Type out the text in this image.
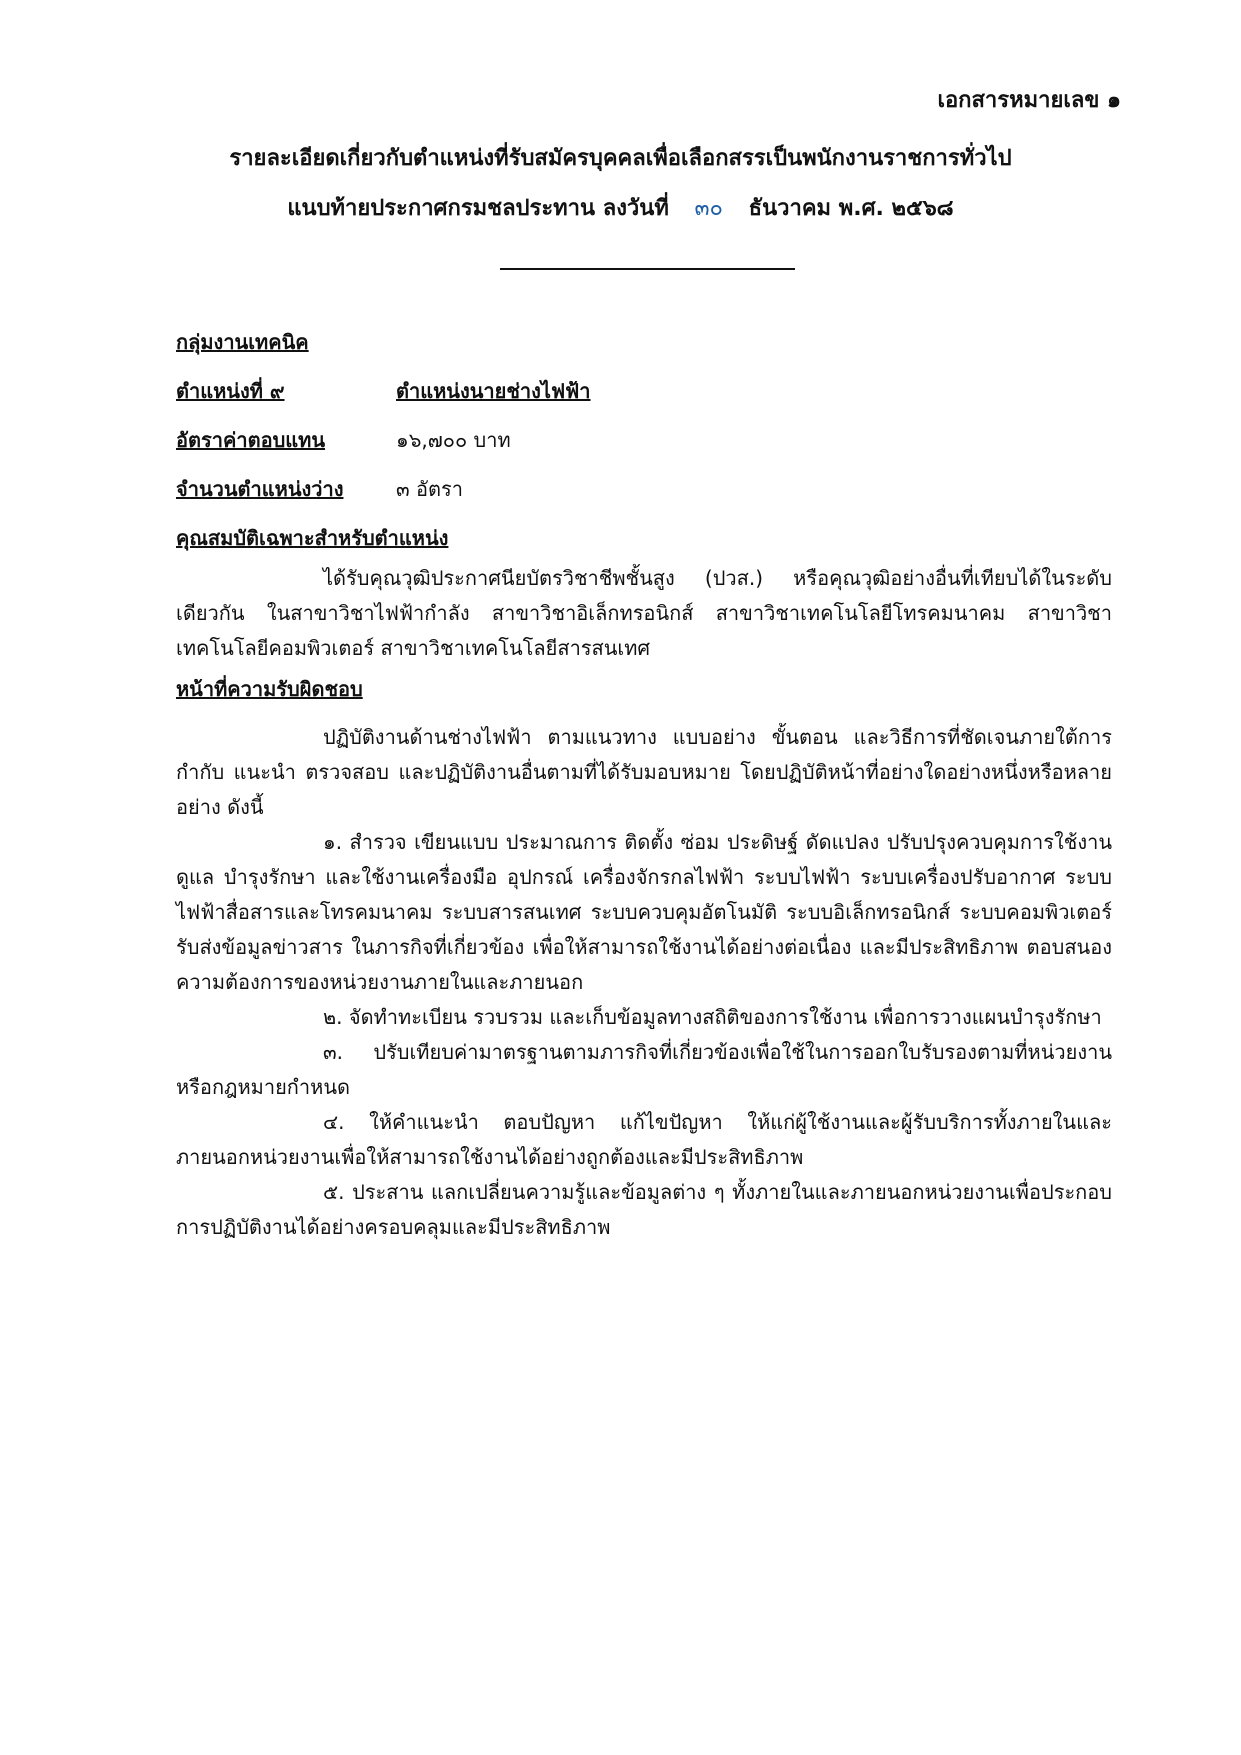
เอกสารหมายเลข ๑
รายละเอียดเกี่ยวกับตำแหน่งที่รับสมัครบุคคลเพื่อเลือกสรรเป็นพนักงานราชการทั่วไป
แนบท้ายประกาศกรมชลประทาน ลงวันที่ ๓๐ ธันวาคม พ.ศ. ๒๕๖๘
กลุ่มงานเทคนิค
ตำแหน่งที่ ๙	ตำแหน่งนายช่างไฟฟ้า
อัตราค่าตอบแทน	๑๖,๗๐๐ บาท
จำนวนตำแหน่งว่าง	๓ อัตรา
คุณสมบัติเฉพาะสำหรับตำแหน่ง

ได้รับคุณวุฒิประกาศนียบัตรวิชาชีพชั้นสูง (ปวส.) หรือคุณวุฒิอย่างอื่นที่เทียบได้ในระดับเดียวกัน ในสาขาวิชาไฟฟ้ากำลัง สาขาวิชาอิเล็กทรอนิกส์ สาขาวิชาเทคโนโลยีโทรคมนาคม สาขาวิชาเทคโนโลยีคอมพิวเตอร์ สาขาวิชาเทคโนโลยีสารสนเทศ

หน้าที่ความรับผิดชอบ

ปฏิบัติงานด้านช่างไฟฟ้า ตามแนวทาง แบบอย่าง ขั้นตอน และวิธีการที่ชัดเจนภายใต้การกำกับ แนะนำ ตรวจสอบ และปฏิบัติงานอื่นตามที่ได้รับมอบหมาย โดยปฏิบัติหน้าที่อย่างใดอย่างหนึ่งหรือหลายอย่าง ดังนี้

๑. สำรวจ เขียนแบบ ประมาณการ ติดตั้ง ซ่อม ประดิษฐ์ ดัดแปลง ปรับปรุงควบคุมการใช้งาน ดูแล บำรุงรักษา และใช้งานเครื่องมือ อุปกรณ์ เครื่องจักรกลไฟฟ้า ระบบไฟฟ้า ระบบเครื่องปรับอากาศ ระบบไฟฟ้าสื่อสารและโทรคมนาคม ระบบสารสนเทศ ระบบควบคุมอัตโนมัติ ระบบอิเล็กทรอนิกส์ ระบบคอมพิวเตอร์ รับส่งข้อมูลข่าวสาร ในภารกิจที่เกี่ยวข้อง เพื่อให้สามารถใช้งานได้อย่างต่อเนื่อง และมีประสิทธิภาพ ตอบสนองความต้องการของหน่วยงานภายในและภายนอก

๒. จัดทำทะเบียน รวบรวม และเก็บข้อมูลทางสถิติของการใช้งาน เพื่อการวางแผนบำรุงรักษา

๓. ปรับเทียบค่ามาตรฐานตามภารกิจที่เกี่ยวข้องเพื่อใช้ในการออกใบรับรองตามที่หน่วยงานหรือกฎหมายกำหนด

๔. ให้คำแนะนำ ตอบปัญหา แก้ไขปัญหา ให้แก่ผู้ใช้งานและผู้รับบริการทั้งภายในและภายนอกหน่วยงานเพื่อให้สามารถใช้งานได้อย่างถูกต้องและมีประสิทธิภาพ

๕. ประสาน แลกเปลี่ยนความรู้และข้อมูลต่าง ๆ ทั้งภายในและภายนอกหน่วยงานเพื่อประกอบการปฏิบัติงานได้อย่างครอบคลุมและมีประสิทธิภาพ
